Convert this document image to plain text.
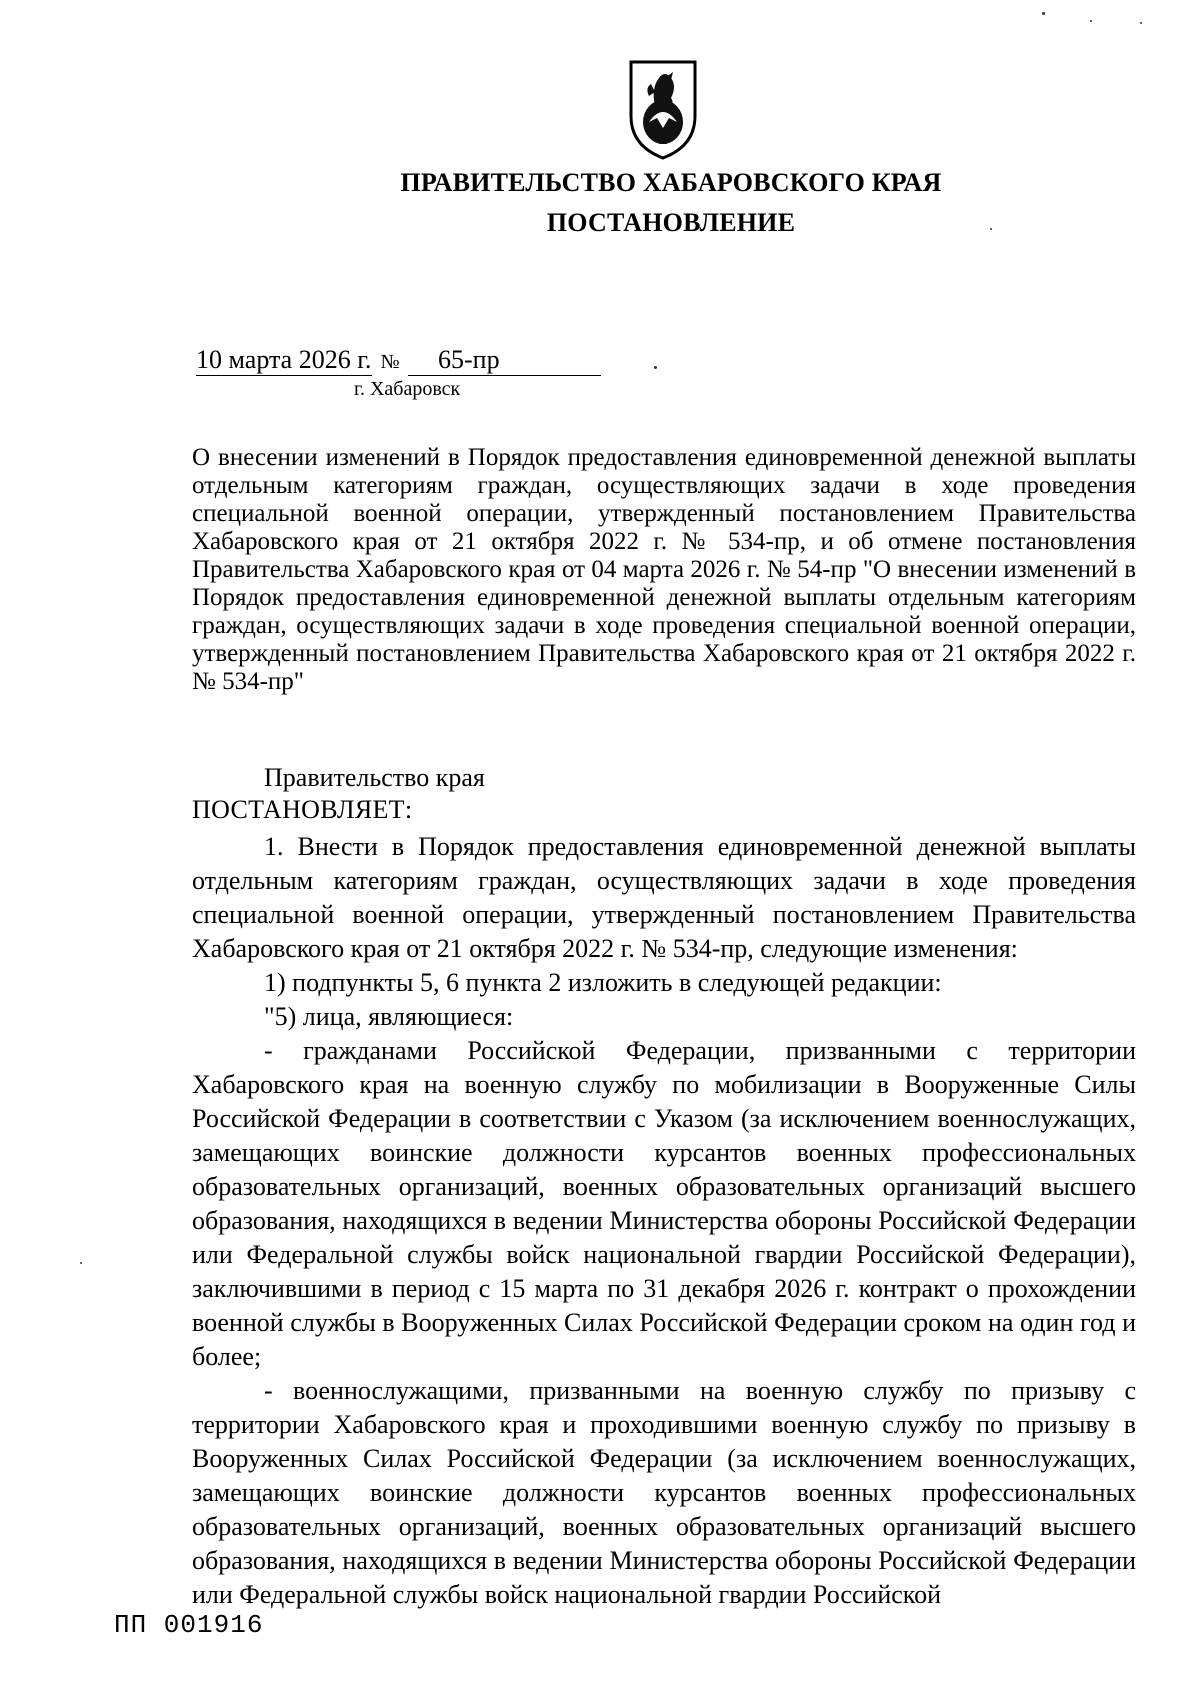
ПРАВИТЕЛЬСТВО ХАБАРОВСКОГО КРАЯ
ПОСТАНОВЛЕНИЕ
10 марта 2026 г. № 65-пр
г. Хабаровск
О внесении изменений в Порядок предоставления единовременной денежной выплаты отдельным категориям граждан, осуществляющих задачи в ходе проведения специальной военной операции, утвержденный постановлением Правительства Хабаровского края от 21 октября 2022 г. № 534-пр, и об отмене постановления Правительства Хабаровского края от 04 марта 2026 г. № 54-пр "О внесении изменений в Порядок предоставления единовременной денежной выплаты отдельным категориям граждан, осуществляющих задачи в ходе проведения специальной военной операции, утвержденный постановлением Правительства Хабаровского края от 21 октября 2022 г. № 534-пр"
Правительство края
ПОСТАНОВЛЯЕТ:

1. Внести в Порядок предоставления единовременной денежной выплаты отдельным категориям граждан, осуществляющих задачи в ходе проведения специальной военной операции, утвержденный постановлением Правительства Хабаровского края от 21 октября 2022 г. № 534-пр, следующие изменения:

1) подпункты 5, 6 пункта 2 изложить в следующей редакции:

"5) лица, являющиеся:

- гражданами Российской Федерации, призванными с территории Хабаровского края на военную службу по мобилизации в Вооруженные Силы Российской Федерации в соответствии с Указом (за исключением военнослужащих, замещающих воинские должности курсантов военных профессиональных образовательных организаций, военных образовательных организаций высшего образования, находящихся в ведении Министерства обороны Российской Федерации или Федеральной службы войск национальной гвардии Российской Федерации), заключившими в период с 15 марта по 31 декабря 2026 г. контракт о прохождении военной службы в Вооруженных Силах Российской Федерации сроком на один год и более;

- военнослужащими, призванными на военную службу по призыву с территории Хабаровского края и проходившими военную службу по призыву в Вооруженных Силах Российской Федерации (за исключением военнослужащих, замещающих воинские должности курсантов военных профессиональных образовательных организаций, военных образовательных организаций высшего образования, находящихся в ведении Министерства обороны Российской Федерации или Федеральной службы войск национальной гвардии Российской

ПП 001916
